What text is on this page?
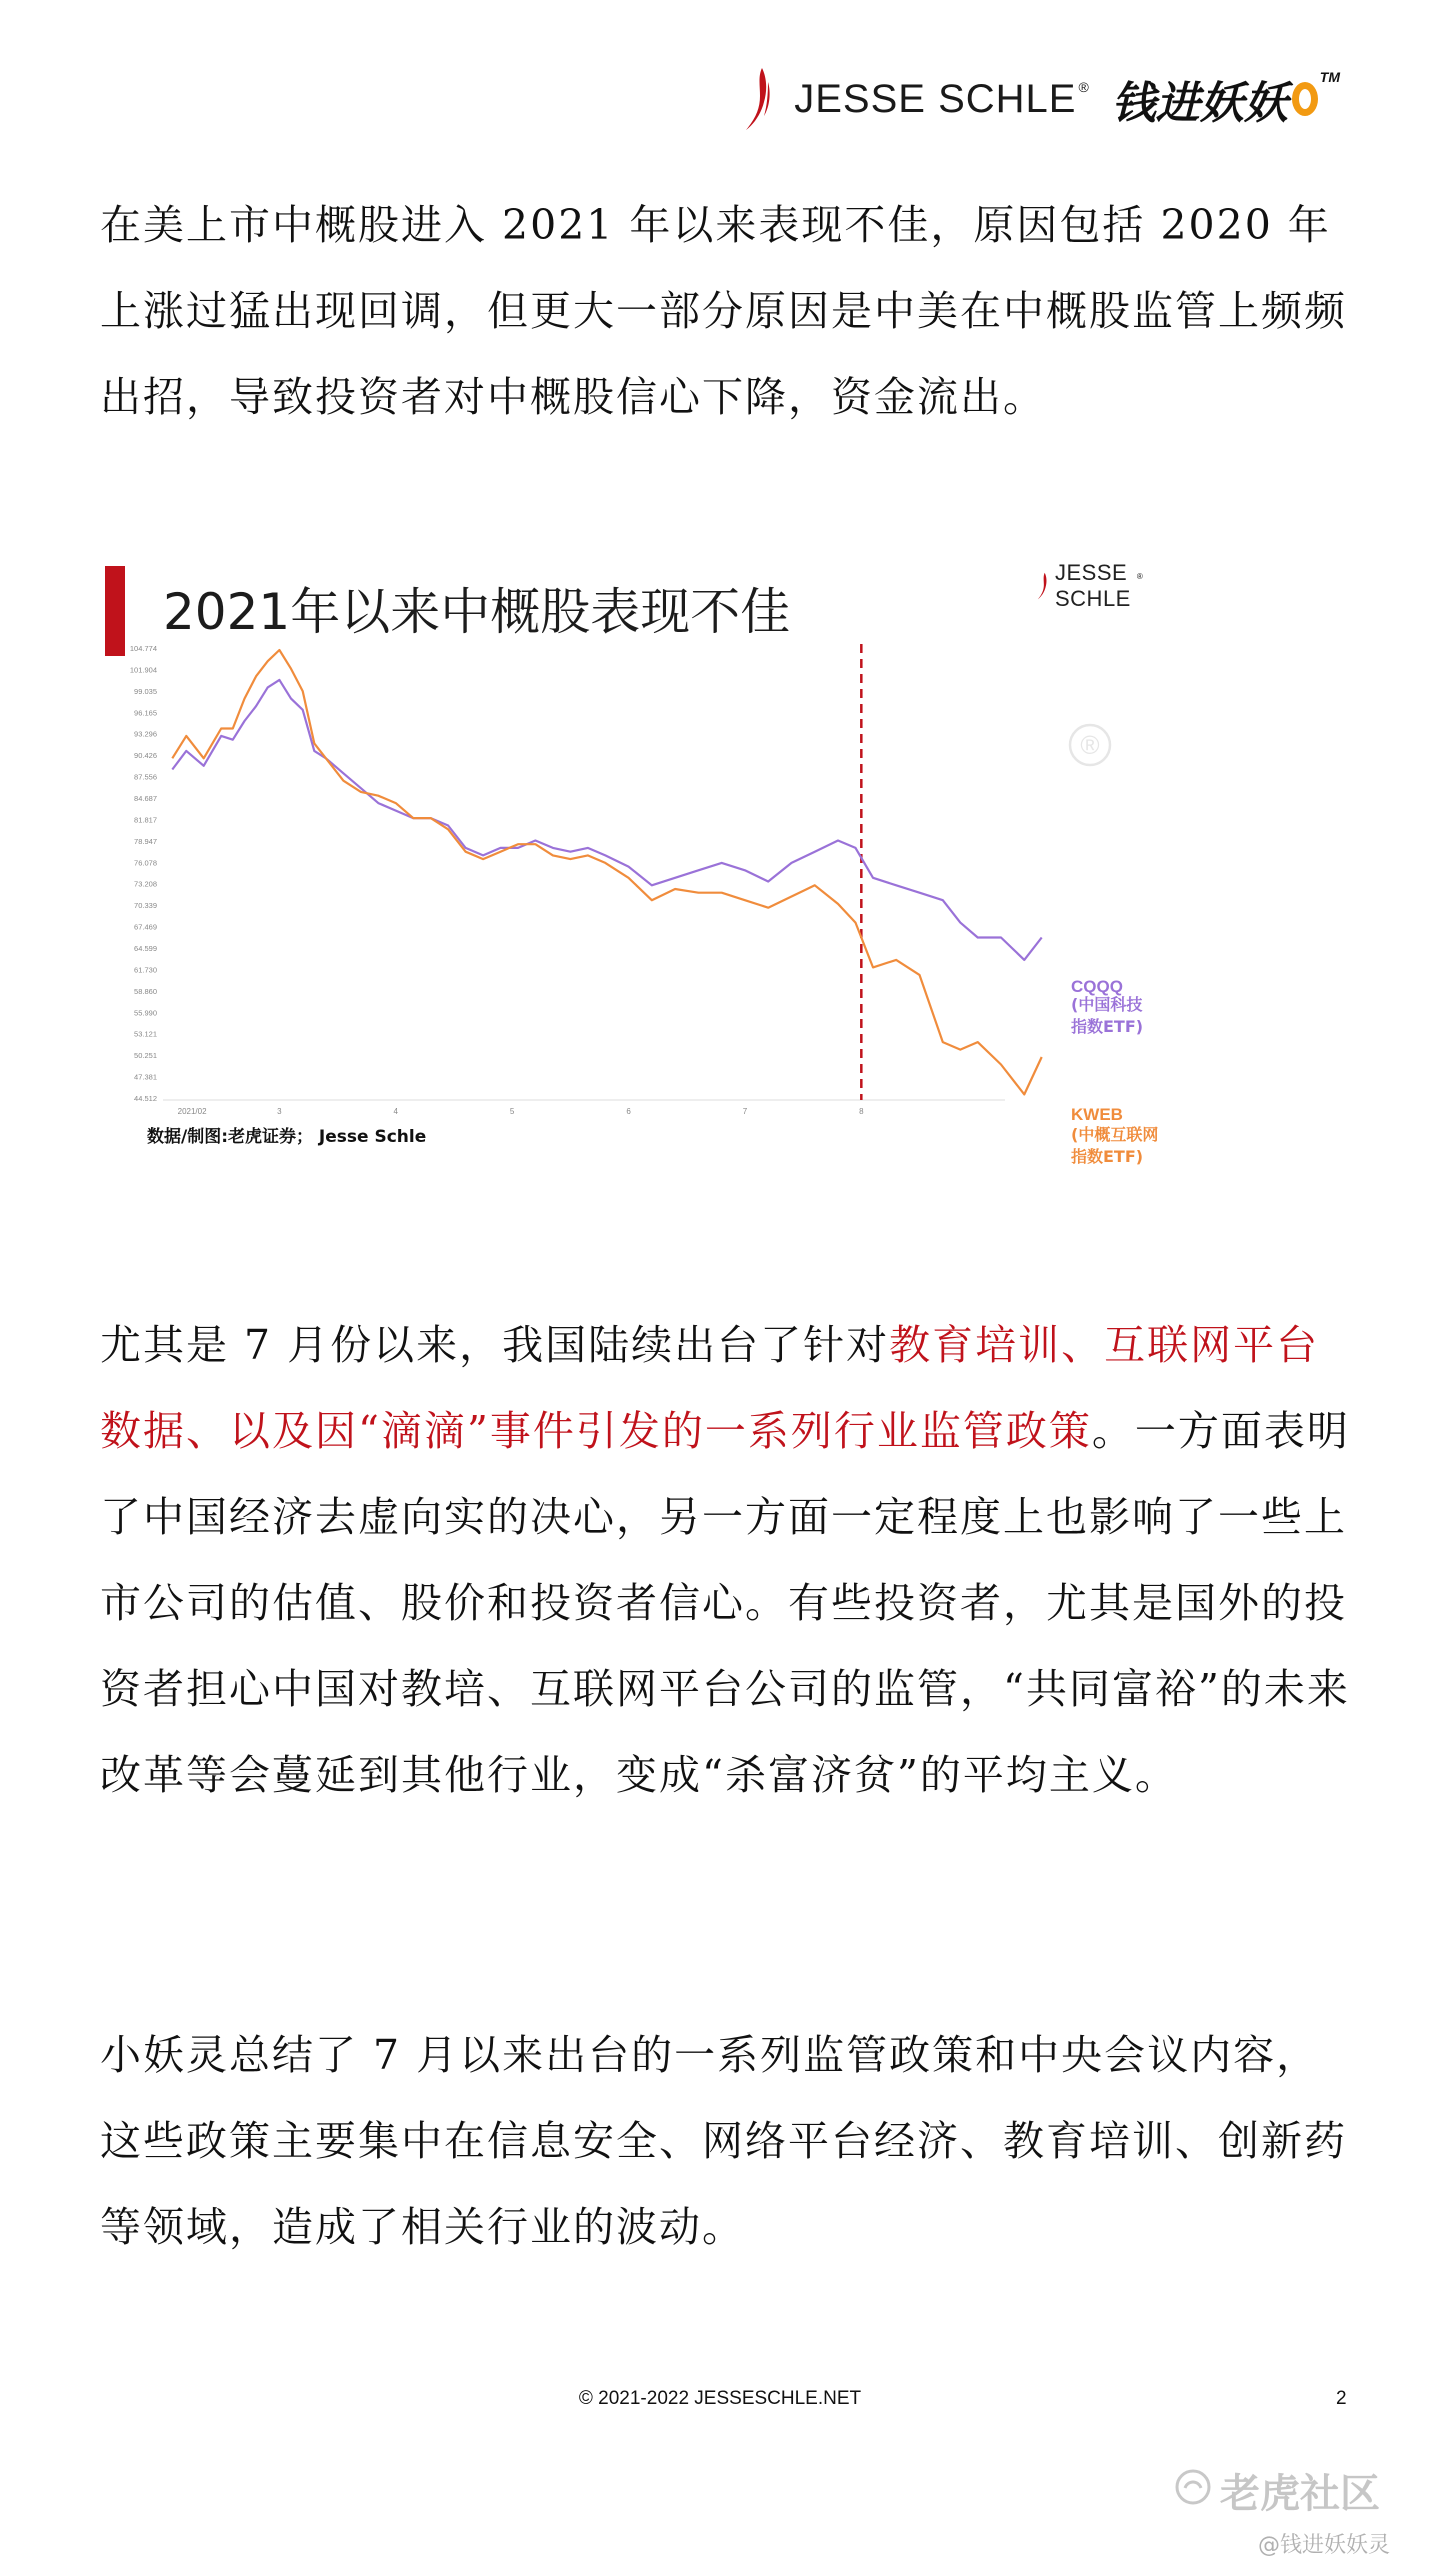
JESSE SCHLE ® 钱进妖妖
TM

在美上市中概股进入 2021 年以来表现不佳，原因包括 2020 年上涨过猛出现回调，但更大一部分原因是中美在中概股监管上频频出招，导致投资者对中概股信心下降，资金流出。

2021年以来中概股表现不佳
JESSE SCHLE
®
104.774
101.904
99.035
96.165
93.296
90.426
87.556
84.687
81.817
78.947
76.078
73.208
70.339
67.469
64.599
61.730
58.860
55.990
53.121
50.251
47.381
44.512
2021/02	3	4	5	6	7	8
®
CQQQ
(中国科技
指数ETF)
KWEB
(中概互联网
指数ETF)
数据/制图:老虎证券； Jesse Schle

尤其是 7 月份以来，我国陆续出台了针对教育培训、互联网平台数据、以及因“滴滴”事件引发的一系列行业监管政策。一方面表明了中国经济去虚向实的决心，另一方面一定程度上也影响了一些上市公司的估值、股价和投资者信心。有些投资者，尤其是国外的投资者担心中国对教培、互联网平台公司的监管，“共同富裕”的未来改革等会蔓延到其他行业，变成“杀富济贫”的平均主义。

小妖灵总结了 7 月以来出台的一系列监管政策和中央会议内容，这些政策主要集中在信息安全、网络平台经济、教育培训、创新药等领域，造成了相关行业的波动。

© 2021-2022 JESSESCHLE.NET	2
老虎社区
@钱进妖妖灵
